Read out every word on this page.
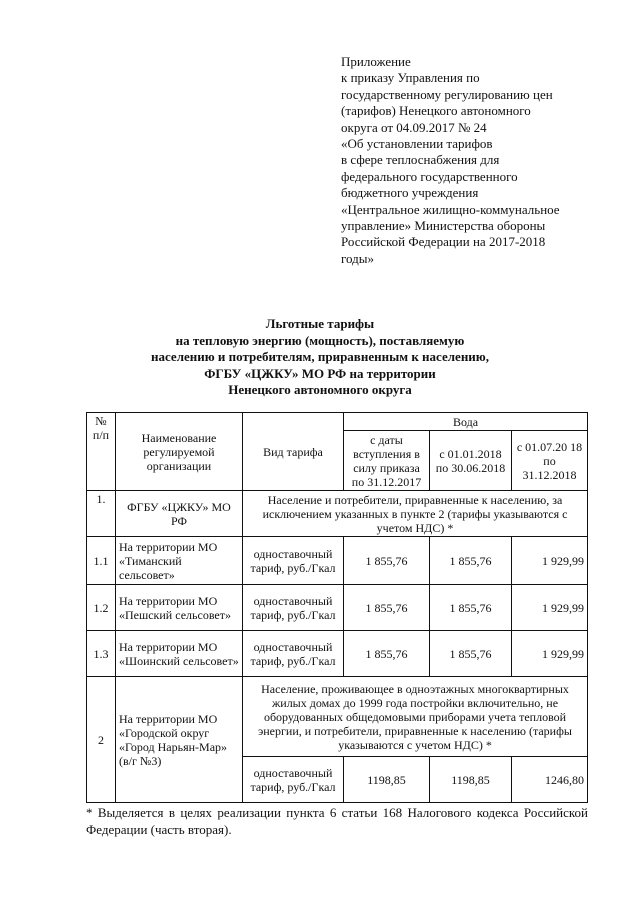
Приложение
к приказу Управления по
государственному регулированию цен
(тарифов) Ненецкого автономного
округа от 04.09.2017 № 24
«Об установлении тарифов
в сфере теплоснабжения для
федерального государственного
бюджетного учреждения
«Центральное жилищно-коммунальное
управление» Министерства обороны
Российской Федерации на 2017-2018
годы»
Льготные тарифы
на тепловую энергию (мощность), поставляемую
населению и потребителям, приравненным к населению,
ФГБУ «ЦЖКУ» МО РФ на территории
Ненецкого автономного округа
№ п/п	Наименование регулируемой организации	Вид тарифа	Вода		
			с даты вступления в силу приказа по 31.12.2017	с 01.01.2018 по 30.06.2018	с 01.07.20 18 по 31.12.2018
1.	ФГБУ «ЦЖКУ» МО РФ	Население и потребители, приравненные к населению, за исключением указанных в пункте 2 (тарифы указываются с учетом НДС) *			
1.1	На территории МО «Тиманский сельсовет»	одноставочный тариф, руб./Гкал	1 855,76	1 855,76	1 929,99
1.2	На территории МО «Пешский сельсовет»	одноставочный тариф, руб./Гкал	1 855,76	1 855,76	1 929,99
1.3	На территории МО «Шоинский сельсовет»	одноставочный тариф, руб./Гкал	1 855,76	1 855,76	1 929,99
2	На территории МО «Городской округ «Город Нарьян-Мар» (в/г №3)	Население, проживающее в одноэтажных многоквартирных жилых домах до 1999 года постройки включительно, не оборудованных общедомовыми приборами учета тепловой энергии, и потребители, приравненные к населению (тарифы указываются с учетом НДС) *			
		одноставочный тариф, руб./Гкал	1198,85	1198,85	1246,80
* Выделяется в целях реализации пункта 6 статьи 168 Налогового кодекса Российской Федерации (часть вторая).
